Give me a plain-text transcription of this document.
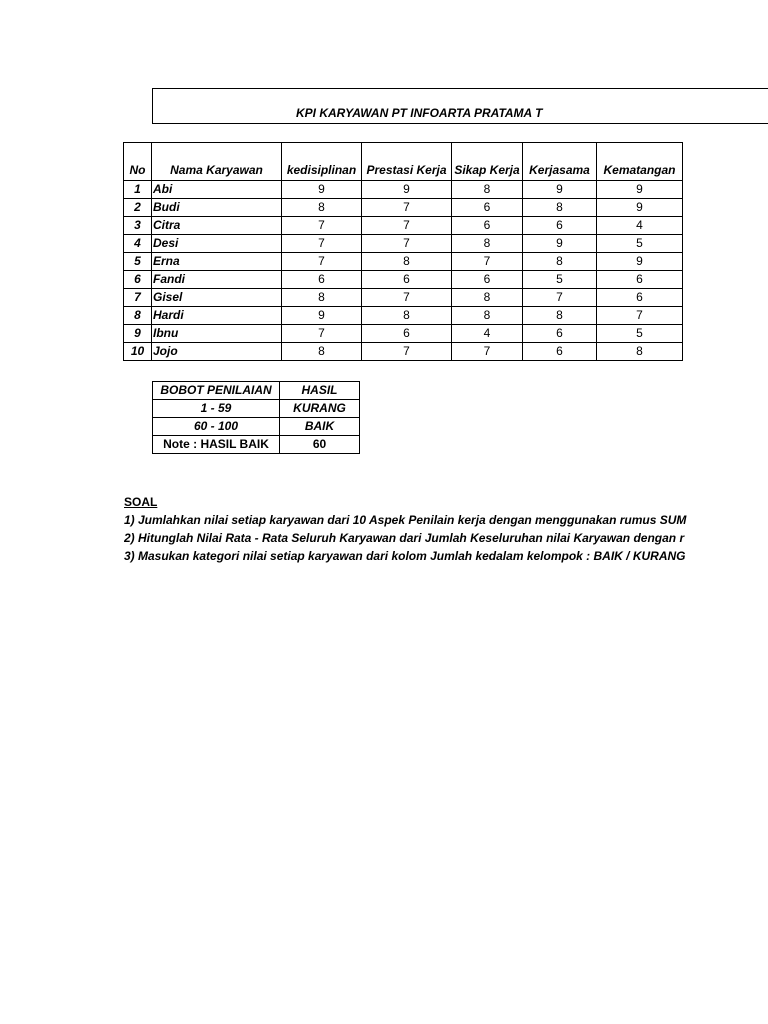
KPI KARYAWAN PT INFOARTA PRATAMA T

No	Nama Karyawan	kedisiplinan	Prestasi Kerja	Sikap Kerja	Kerjasama	Kematangan
1	Abi	9	9	8	9	9
2	Budi	8	7	6	8	9
3	Citra	7	7	6	6	4
4	Desi	7	7	8	9	5
5	Erna	7	8	7	8	9
6	Fandi	6	6	6	5	6
7	Gisel	8	7	8	7	6
8	Hardi	9	8	8	8	7
9	Ibnu	7	6	4	6	5
10	Jojo	8	7	7	6	8
BOBOT PENILAIAN	HASIL
1 - 59	KURANG
60 - 100	BAIK
Note : HASIL BAIK	60
SOAL
1) Jumlahkan nilai setiap karyawan dari 10 Aspek Penilain kerja dengan menggunakan rumus SUM
2) Hitunglah Nilai Rata - Rata Seluruh Karyawan dari Jumlah Keseluruhan nilai Karyawan dengan r
3) Masukan kategori nilai setiap karyawan dari kolom Jumlah kedalam kelompok : BAIK / KURANG
